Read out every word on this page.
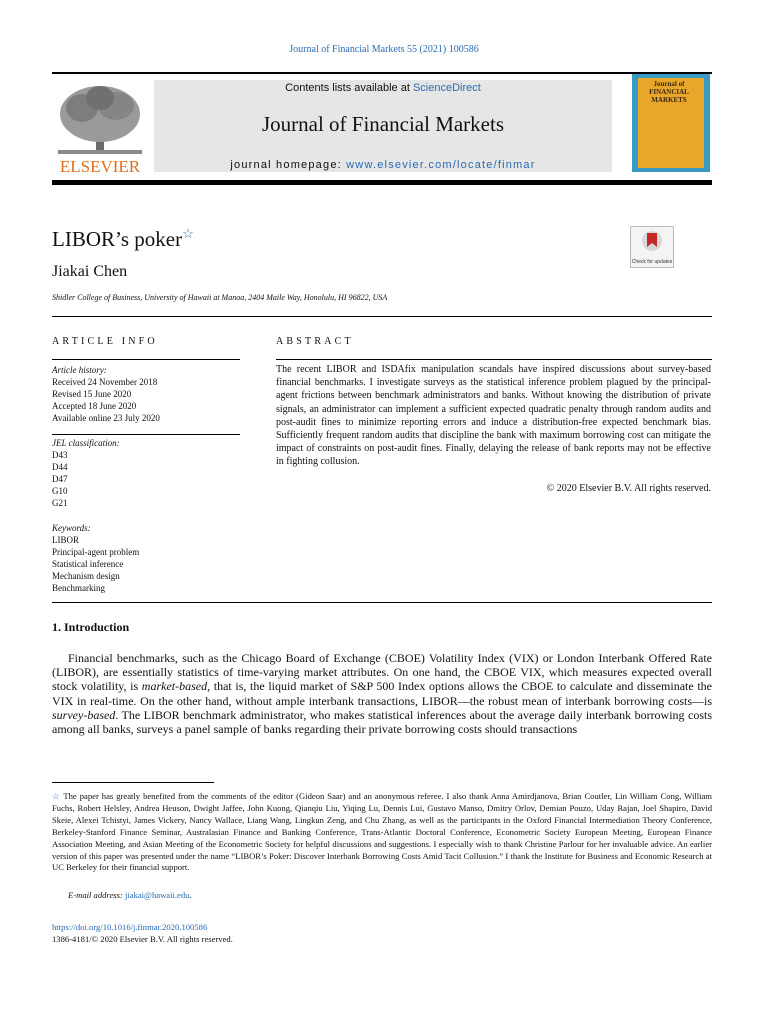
Journal of Financial Markets 55 (2021) 100586
ELSEVIER
Contents lists available at ScienceDirect
Journal of Financial Markets
journal homepage: www.elsevier.com/locate/finmar
Journal of FINANCIAL MARKETS
LIBOR’s poker☆
Check for updates
Jiakai Chen
Shidler College of Business, University of Hawaii at Manoa, 2404 Maile Way, Honolulu, HI 96822, USA
ARTICLE INFO
Article history:
Received 24 November 2018
Revised 15 June 2020
Accepted 18 June 2020
Available online 23 July 2020
JEL classification:
D43
D44
D47
G10
G21
Keywords:
LIBOR
Principal-agent problem
Statistical inference
Mechanism design
Benchmarking
ABSTRACT
The recent LIBOR and ISDAfix manipulation scandals have inspired discussions about survey-based financial benchmarks. I investigate surveys as the statistical inference problem plagued by the principal-agent frictions between benchmark administrators and banks. Without knowing the distribution of private signals, an administrator can implement a sufficient expected quadratic penalty through random audits and post-audit fines to minimize reporting errors and induce a distribution-free expected benchmark bias. Sufficiently frequent random audits that discipline the bank with maximum borrowing cost can mitigate the impact of constraints on post-audit fines. Finally, delaying the release of bank reports may not be effective in fighting collusion.
© 2020 Elsevier B.V. All rights reserved.
1. Introduction
Financial benchmarks, such as the Chicago Board of Exchange (CBOE) Volatility Index (VIX) or London Interbank Offered Rate (LIBOR), are essentially statistics of time-varying market attributes. On one hand, the CBOE VIX, which measures expected overall stock volatility, is market-based, that is, the liquid market of S&P 500 Index options allows the CBOE to calculate and disseminate the VIX in real-time. On the other hand, without ample interbank transactions, LIBOR—the robust mean of interbank borrowing costs—is survey-based. The LIBOR benchmark administrator, who makes statistical inferences about the average daily interbank borrowing costs among all banks, surveys a panel sample of banks regarding their private borrowing costs should transactions
☆ The paper has greatly benefited from the comments of the editor (Gideon Saar) and an anonymous referee. I also thank Anna Amirdjanova, Brian Coutler, Lin William Cong, William Fuchs, Robert Helsley, Andrea Heuson, Dwight Jaffee, John Kuong, Qianqiu Liu, Yiqing Lu, Dennis Lui, Gustavo Manso, Dmitry Orlov, Demian Pouzo, Uday Rajan, Joel Shapiro, David Skeie, Alexei Tchistyi, James Vickery, Nancy Wallace, Liang Wang, Lingkun Zeng, and Chu Zhang, as well as the participants in the Oxford Financial Intermediation Theory Conference, Berkeley-Stanford Finance Seminar, Australasian Finance and Banking Conference, Trans-Atlantic Doctoral Conference, Econometric Society European Meeting, European Finance Association Meeting, and Asian Meeting of the Econometric Society for helpful discussions and suggestions. I especially wish to thank Christine Parlour for her invaluable advice. An earlier version of this paper was presented under the name “LIBOR’s Poker: Discover Interbank Borrowing Costs Amid Tacit Collusion.” I thank the Institute for Business and Economic Research at UC Berkeley for their financial support.
E-mail address: jiakai@hawaii.edu.
https://doi.org/10.1016/j.finmar.2020.100586
1386-4181/© 2020 Elsevier B.V. All rights reserved.
